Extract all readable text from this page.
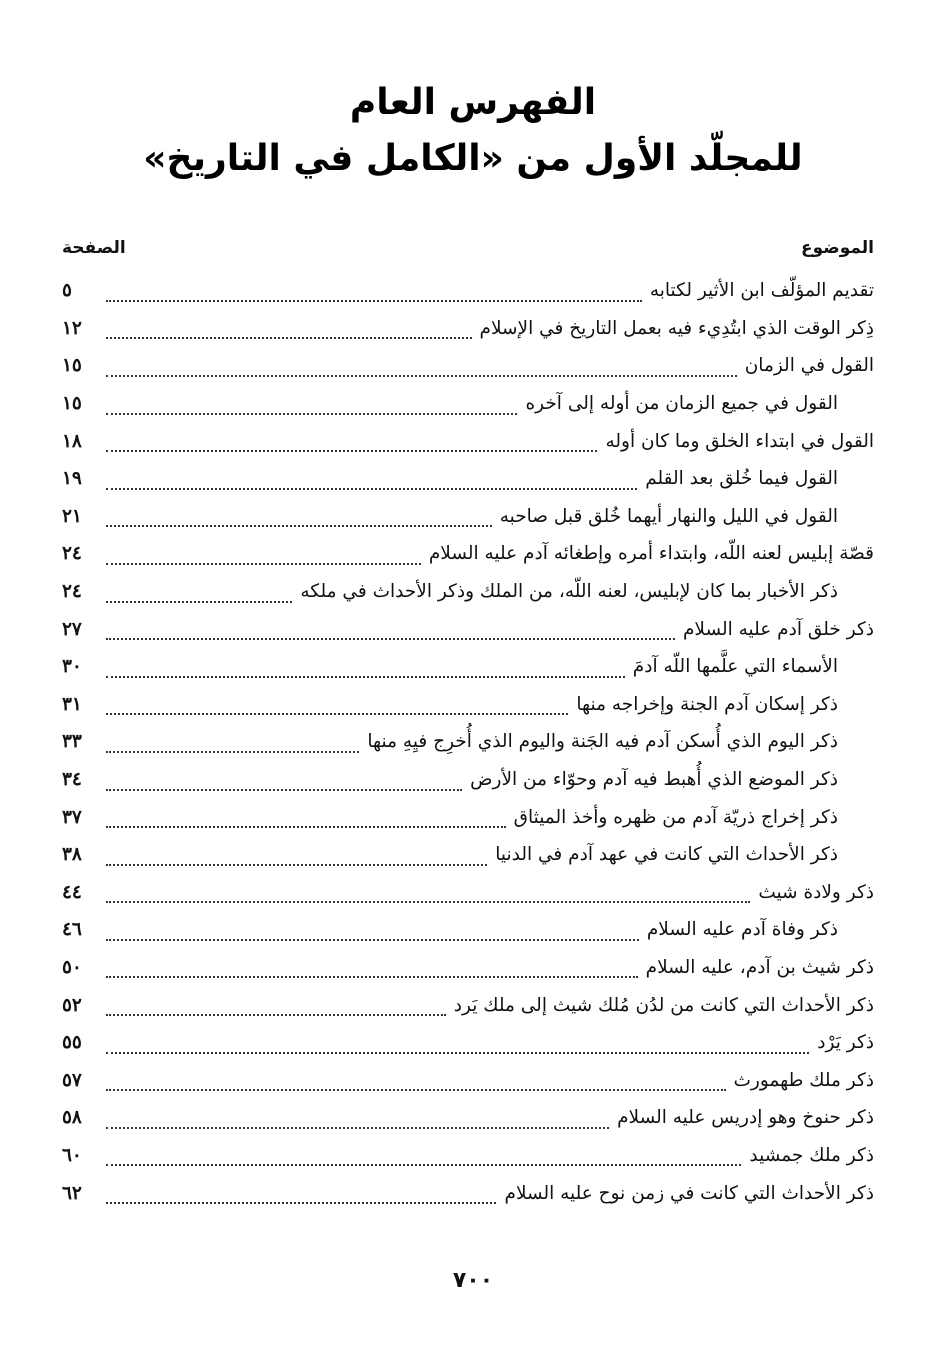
الفهرس العام
للمجلّد الأول من «الكامل في التاريخ»
الموضوع
الصفحة
تقديم المؤلّف ابن الأثير لكتابه
٥
ذِكر الوقت الذي ابتُدِيء فيه بعمل التاريخ في الإسلام
١٢
القول في الزمان
١٥
القول في جميع الزمان من أوله إلى آخره
١٥
القول في ابتداء الخلق وما كان أوله
١٨
القول فيما خُلق بعد القلم
١٩
القول في الليل والنهار أيهما خُلق قبل صاحبه
٢١
قصّة إبليس لعنه اللّه، وابتداء أمره وإطغائه آدم عليه السلام
٢٤
ذكر الأخبار بما كان لإبليس، لعنه اللّه، من الملك وذكر الأحداث في ملكه
٢٤
ذكر خلق آدم عليه السلام
٢٧
الأسماء التي علَّمها اللّه آدمَ
٣٠
ذكر إسكان آدم الجنة وإخراجه منها
٣١
ذكر اليوم الذي أُسكن آدم فيه الجَنة واليوم الذي أُخرِج فيِهِ منها
٣٣
ذكر الموضع الذي أُهبط فيه آدم وحوّاء من الأرض
٣٤
ذكر إخراج ذريّة آدم من ظهره وأخذ الميثاق
٣٧
ذكر الأحداث التي كانت في عهد آدم في الدنيا
٣٨
ذكر ولادة شيث
٤٤
ذكر وفاة آدم عليه السلام
٤٦
ذكر شيث بن آدم، عليه السلام
٥٠
ذكر الأحداث التي كانت من لدُن مُلك شيث إلى ملك يَرد
٥٢
ذكر يَرْد
٥٥
ذكر ملك طهمورث
٥٧
ذكر حنوخ وهو إدريس عليه السلام
٥٨
ذكر ملك جمشيد
٦٠
ذكر الأحداث التي كانت في زمن نوح عليه السلام
٦٢
٧٠٠
